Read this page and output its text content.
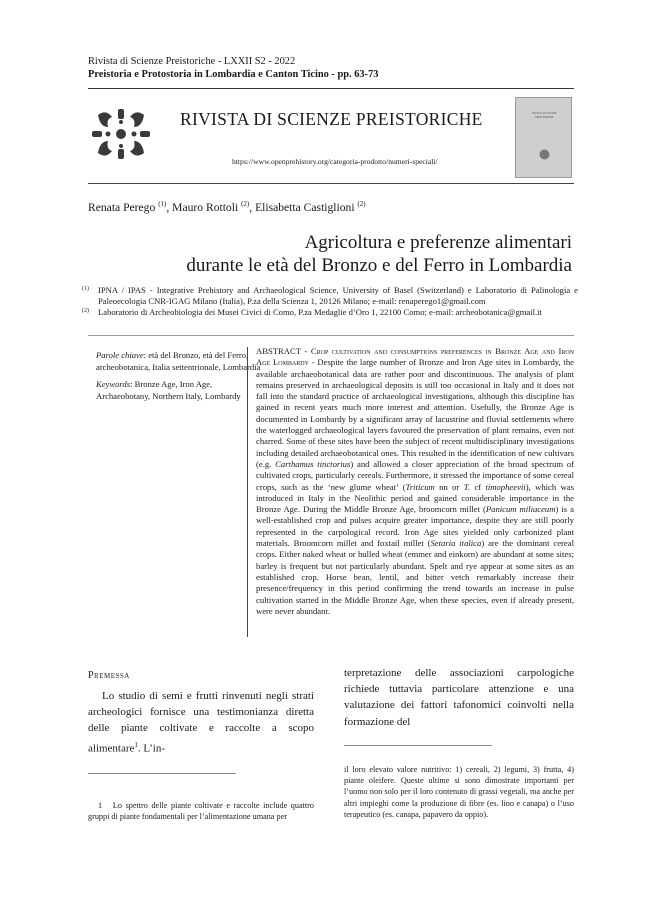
Rivista di Scienze Preistoriche - LXXII S2 - 2022
Preistoria e Protostoria in Lombardia e Canton Ticino - pp. 63-73
RIVISTA DI SCIENZE PREISTORICHE
https://www.openprehistory.org/categoria-prodotto/numeri-speciali/
RIVISTA DI SCIENZE
PREISTORICHE
Renata Perego $^{(1)}$, Mauro Rottoli $^{(2)}$, Elisabetta Castiglioni $^{(2)}$
Agricoltura e preferenze alimentari
durante le età del Bronzo e del Ferro in Lombardia
(1) IPNA / IPAS - Integrative Prehistory and Archaeological Science, University of Basel (Switzerland) e Laboratorio di Palinologia e Paleoecologia CNR-IGAG Milano (Italia), P.za della Scienza 1, 20126 Milano; e-mail: renaperego1@gmail.com
(2) Laboratorio di Archeobiologia dei Musei Civici di Como, P.za Medaglie d’Oro 1, 22100 Como; e-mail: archeobotanica@gmail.it

Parole chiave: età del Bronzo, età del Ferro, archeobotanica, Italia settentrionale, Lombardia

Keywords: Bronze Age, Iron Age, Archaeobotany, Northern Italy, Lombardy

ABSTRACT - Crop cultivation and consumptions preferences in Bronze Age and Iron Age Lombardy - Despite the large number of Bronze and Iron Age sites in Lombardy, the available archaeobotanical data are rather poor and discontinuous. The analysis of plant remains preserved in archaeological deposits is still too occasional in Italy and it does not fall into the standard practice of archaeological investigations, although this discipline has gained in recent years much more interest and attention. Usefully, the Bronze Age is documented in Lombardy by a significant array of lacustrine and fluvial settlements where the waterlogged archaeological layers favoured the preservation of plant remains, even not charred. Some of these sites have been the subject of recent multidisciplinary investigations including detailed archaeobotanical ones. This resulted in the identification of new cultivars (e.g. Carthamus tinctorius) and allowed a closer appreciation of the broad spectrum of cultivated crops, particularly cereals. Furthermore, it stressed the importance of some cereal crops, such as the ‘new glume wheat’ (Triticum nn or T. cf timopheevii), which was introduced in Italy in the Neolithic period and gained considerable importance in the Bronze Age. During the Middle Bronze Age, broomcorn millet (Panicum miliaceum) is a well-established crop and pulses acquire greater importance, despite they are still poorly represented in the carpological record. Iron Age sites yielded only carbonized plant materials. Broomcorn millet and foxtail millet (Setaria italica) are the dominant cereal crops. Either naked wheat or hulled wheat (emmer and einkorn) are abundant at some sites; barley is frequent but not particularly abundant. Spelt and rye appear at some sites as an established crop. Horse bean, lentil, and bitter vetch remarkably increase their presence/frequency in this period confirming the trend towards an increase in pulse cultivation started in the Middle Bronze Age, when these species, even if already present, were never abundant.
Premessa
Lo studio di semi e frutti rinvenuti negli strati archeologici fornisce una testimonianza diretta delle piante coltivate e raccolte a scopo alimentare$^1$. L’in-
terpretazione delle associazioni carpologiche richiede tuttavia particolare attenzione e una valutazione dei fattori tafonomici coinvolti nella formazione del
1 Lo spettro delle piante coltivate e raccolte include quattro gruppi di piante fondamentali per l’alimentazione umana per
il loro elevato valore nutritivo: 1) cereali, 2) legumi, 3) frutta, 4) piante oleifere. Queste ultime si sono dimostrate importanti per l’uomo non solo per il loro contenuto di grassi vegetali, ma anche per altri impieghi come la produzione di fibre (es. lino e canapa) o l’uso terapeutico (es. canapa, papavero da oppio).
